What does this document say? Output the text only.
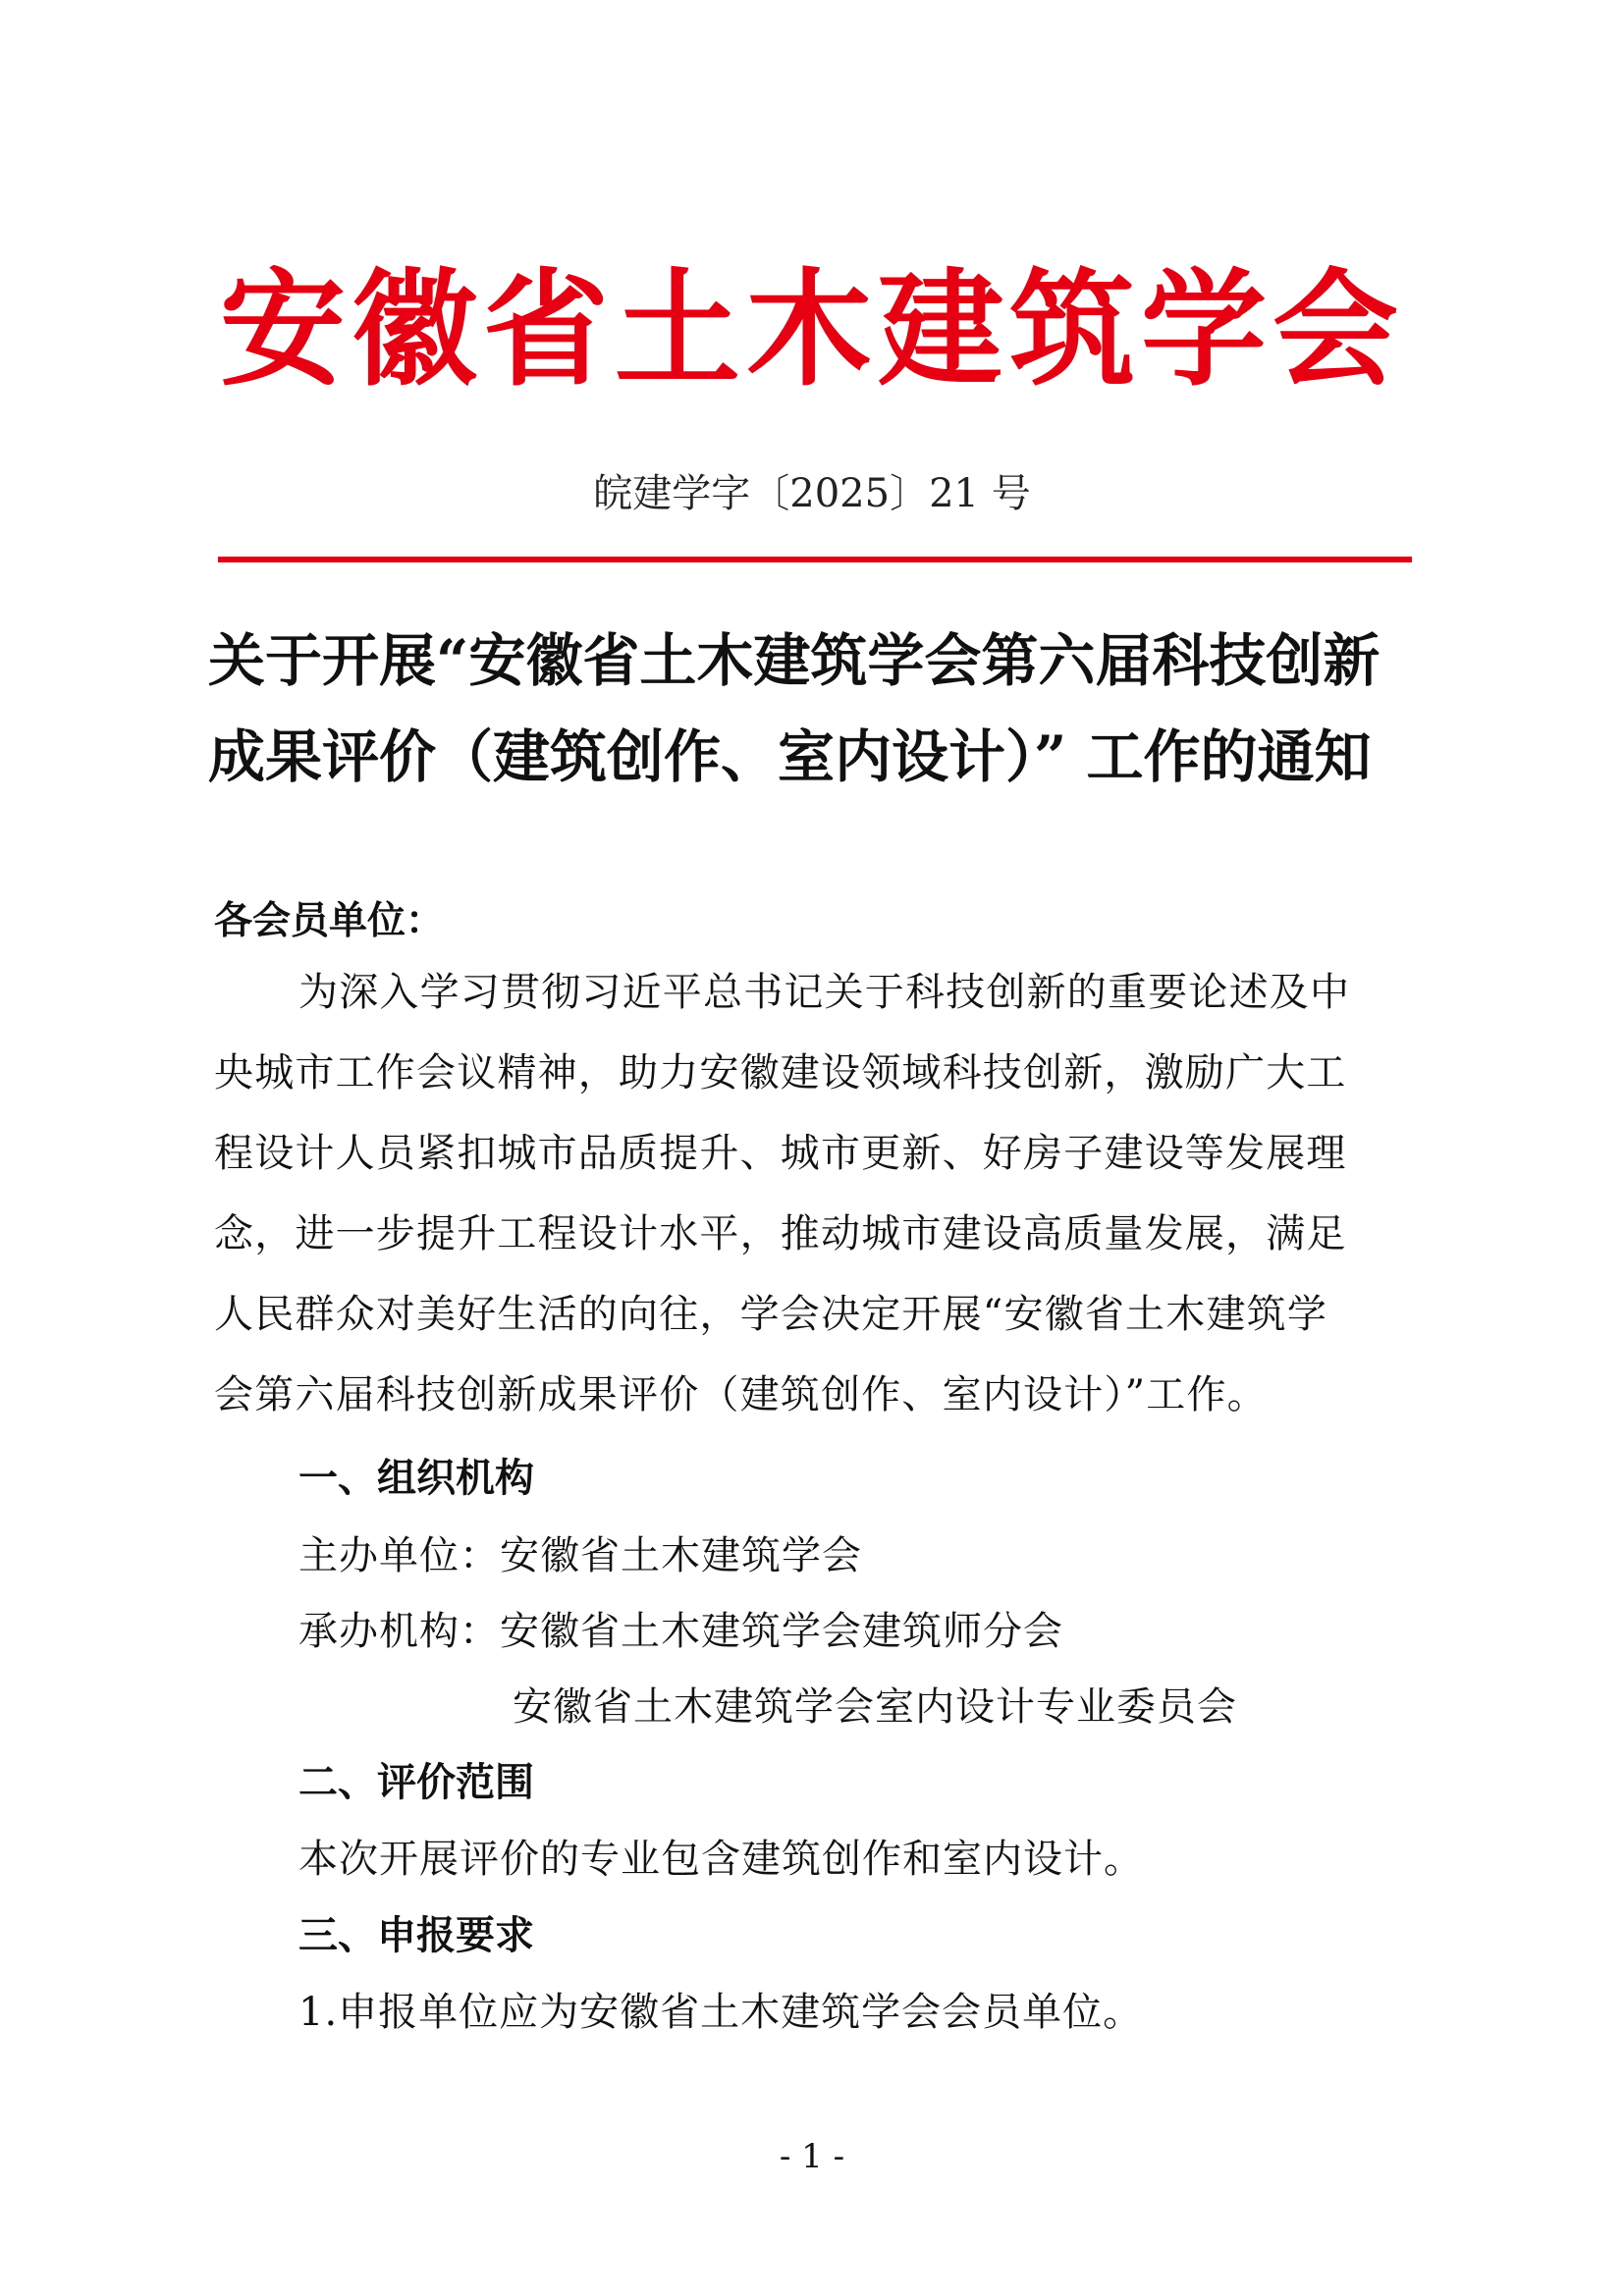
安徽省土木建筑学会
皖建学字〔2025〕21 号
关于开展“安徽省土木建筑学会第六届科技创新
成果评价（建筑创作、室内设计）” 工作的通知
各会员单位：
为深入学习贯彻习近平总书记关于科技创新的重要论述及中
央城市工作会议精神，助力安徽建设领域科技创新，激励广大工
程设计人员紧扣城市品质提升、城市更新、好房子建设等发展理
念，进一步提升工程设计水平，推动城市建设高质量发展，满足
人民群众对美好生活的向往，学会决定开展“安徽省土木建筑学
会第六届科技创新成果评价（建筑创作、室内设计）”工作。
一、组织机构
主办单位：安徽省土木建筑学会
承办机构：安徽省土木建筑学会建筑师分会
安徽省土木建筑学会室内设计专业委员会
二、评价范围
本次开展评价的专业包含建筑创作和室内设计。
三、申报要求
1.申报单位应为安徽省土木建筑学会会员单位。
- 1 -
